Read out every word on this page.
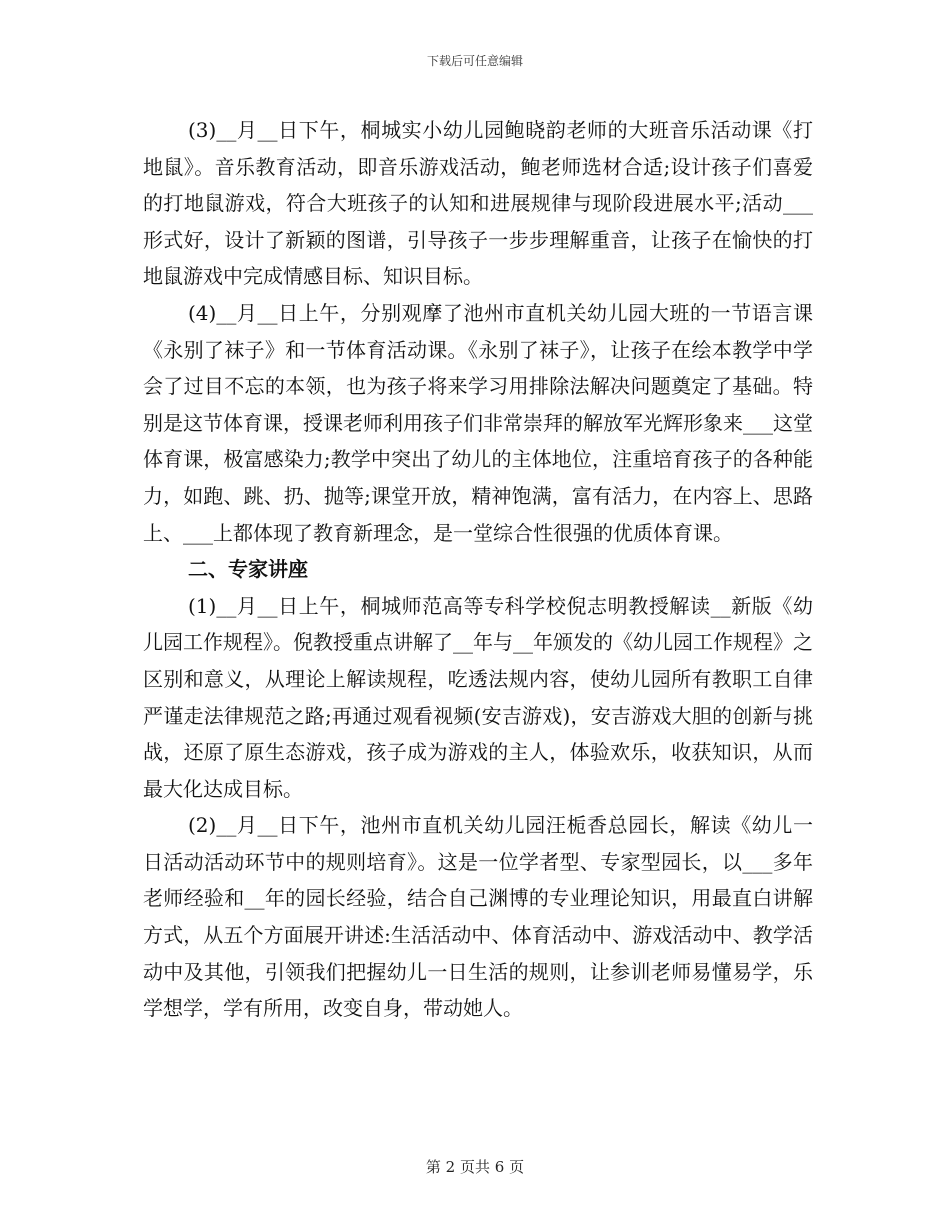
下载后可任意编辑

(3)__月__日下午，桐城实小幼儿园鲍晓韵老师的大班音乐活动课《打地鼠》。音乐教育活动，即音乐游戏活动，鲍老师选材合适;设计孩子们喜爱的打地鼠游戏，符合大班孩子的认知和进展规律与现阶段进展水平;活动___形式好，设计了新颖的图谱，引导孩子一步步理解重音，让孩子在愉快的打地鼠游戏中完成情感目标、知识目标。

(4)__月__日上午，分别观摩了池州市直机关幼儿园大班的一节语言课《永别了袜子》和一节体育活动课。《永别了袜子》，让孩子在绘本教学中学会了过目不忘的本领，也为孩子将来学习用排除法解决问题奠定了基础。特别是这节体育课，授课老师利用孩子们非常崇拜的解放军光辉形象来___这堂体育课，极富感染力;教学中突出了幼儿的主体地位，注重培育孩子的各种能力，如跑、跳、扔、抛等;课堂开放，精神饱满，富有活力，在内容上、思路上、___上都体现了教育新理念，是一堂综合性很强的优质体育课。

二、专家讲座

(1)__月__日上午，桐城师范高等专科学校倪志明教授解读__新版《幼儿园工作规程》。倪教授重点讲解了__年与__年颁发的《幼儿园工作规程》之区别和意义，从理论上解读规程，吃透法规内容，使幼儿园所有教职工自律严谨走法律规范之路;再通过观看视频(安吉游戏)，安吉游戏大胆的创新与挑战，还原了原生态游戏，孩子成为游戏的主人，体验欢乐，收获知识，从而最大化达成目标。

(2)__月__日下午，池州市直机关幼儿园汪栀香总园长，解读《幼儿一日活动活动环节中的规则培育》。这是一位学者型、专家型园长，以___多年老师经验和__年的园长经验，结合自己渊博的专业理论知识，用最直白讲解方式，从五个方面展开讲述:生活活动中、体育活动中、游戏活动中、教学活动中及其他，引领我们把握幼儿一日生活的规则，让参训老师易懂易学，乐学想学，学有所用，改变自身，带动她人。

第 2 页共 6 页
